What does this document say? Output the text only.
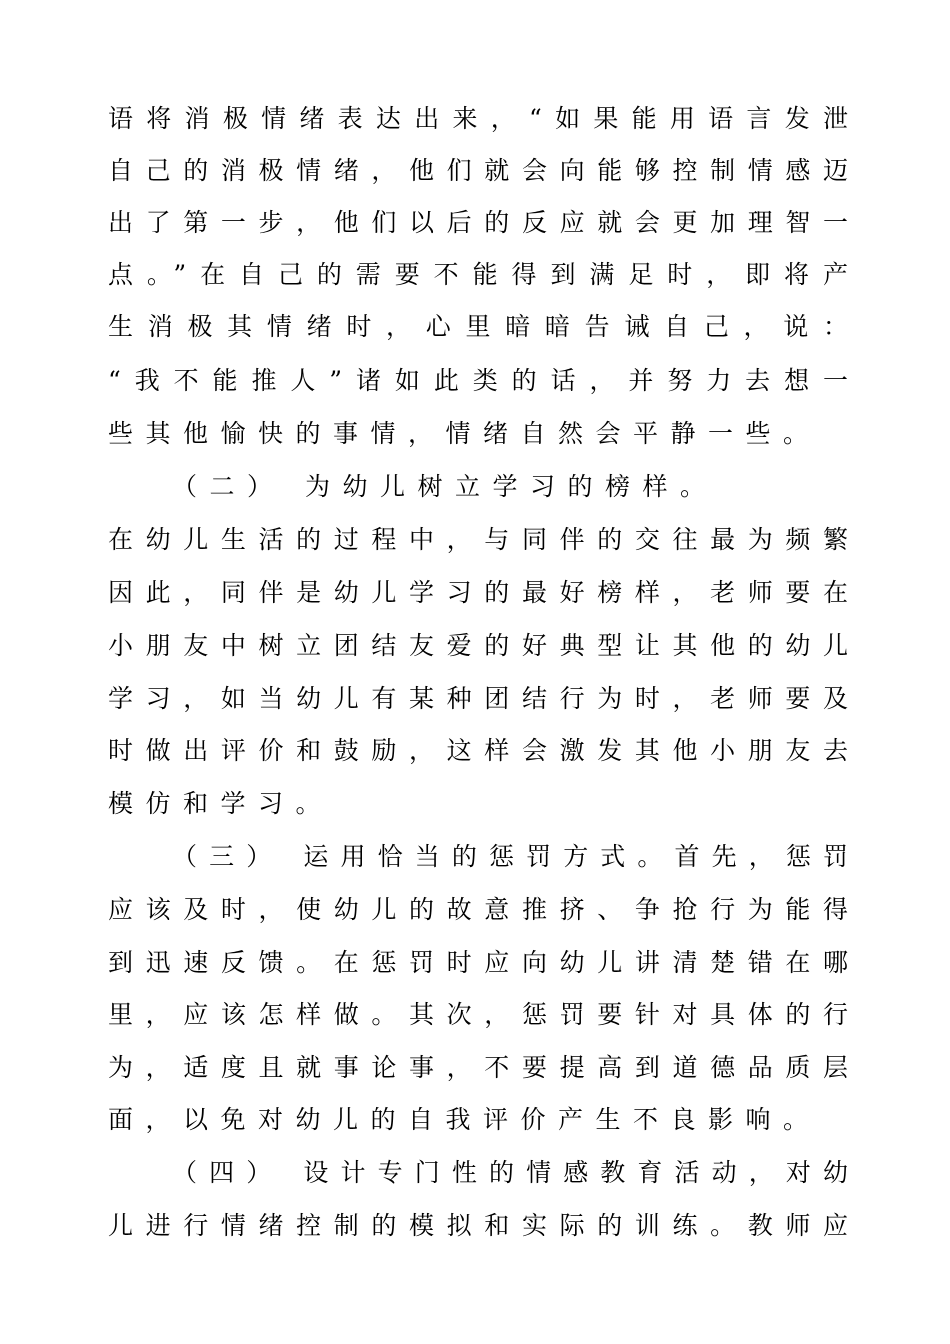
语将消极情绪表达出来，“如果能用语言发泄
自己的消极情绪，他们就会向能够控制情感迈
出了第一步，他们以后的反应就会更加理智一
点。”在自己的需要不能得到满足时，即将产
生消极其情绪时，心里暗暗告诫自己，说：
“我不能推人”诸如此类的话，并努力去想一
些其他愉快的事情，情绪自然会平静一些。
（二） 为幼儿树立学习的榜样。
在幼儿生活的过程中，与同伴的交往最为频繁
因此，同伴是幼儿学习的最好榜样，老师要在
小朋友中树立团结友爱的好典型让其他的幼儿
学习，如当幼儿有某种团结行为时，老师要及
时做出评价和鼓励，这样会激发其他小朋友去
模仿和学习。
（三） 运用恰当的惩罚方式。首先，惩罚
应该及时，使幼儿的故意推挤、争抢行为能得
到迅速反馈。在惩罚时应向幼儿讲清楚错在哪
里，应该怎样做。其次，惩罚要针对具体的行
为，适度且就事论事，不要提高到道德品质层
面，以免对幼儿的自我评价产生不良影响。
（四） 设计专门性的情感教育活动，对幼
儿进行情绪控制的模拟和实际的训练。教师应
